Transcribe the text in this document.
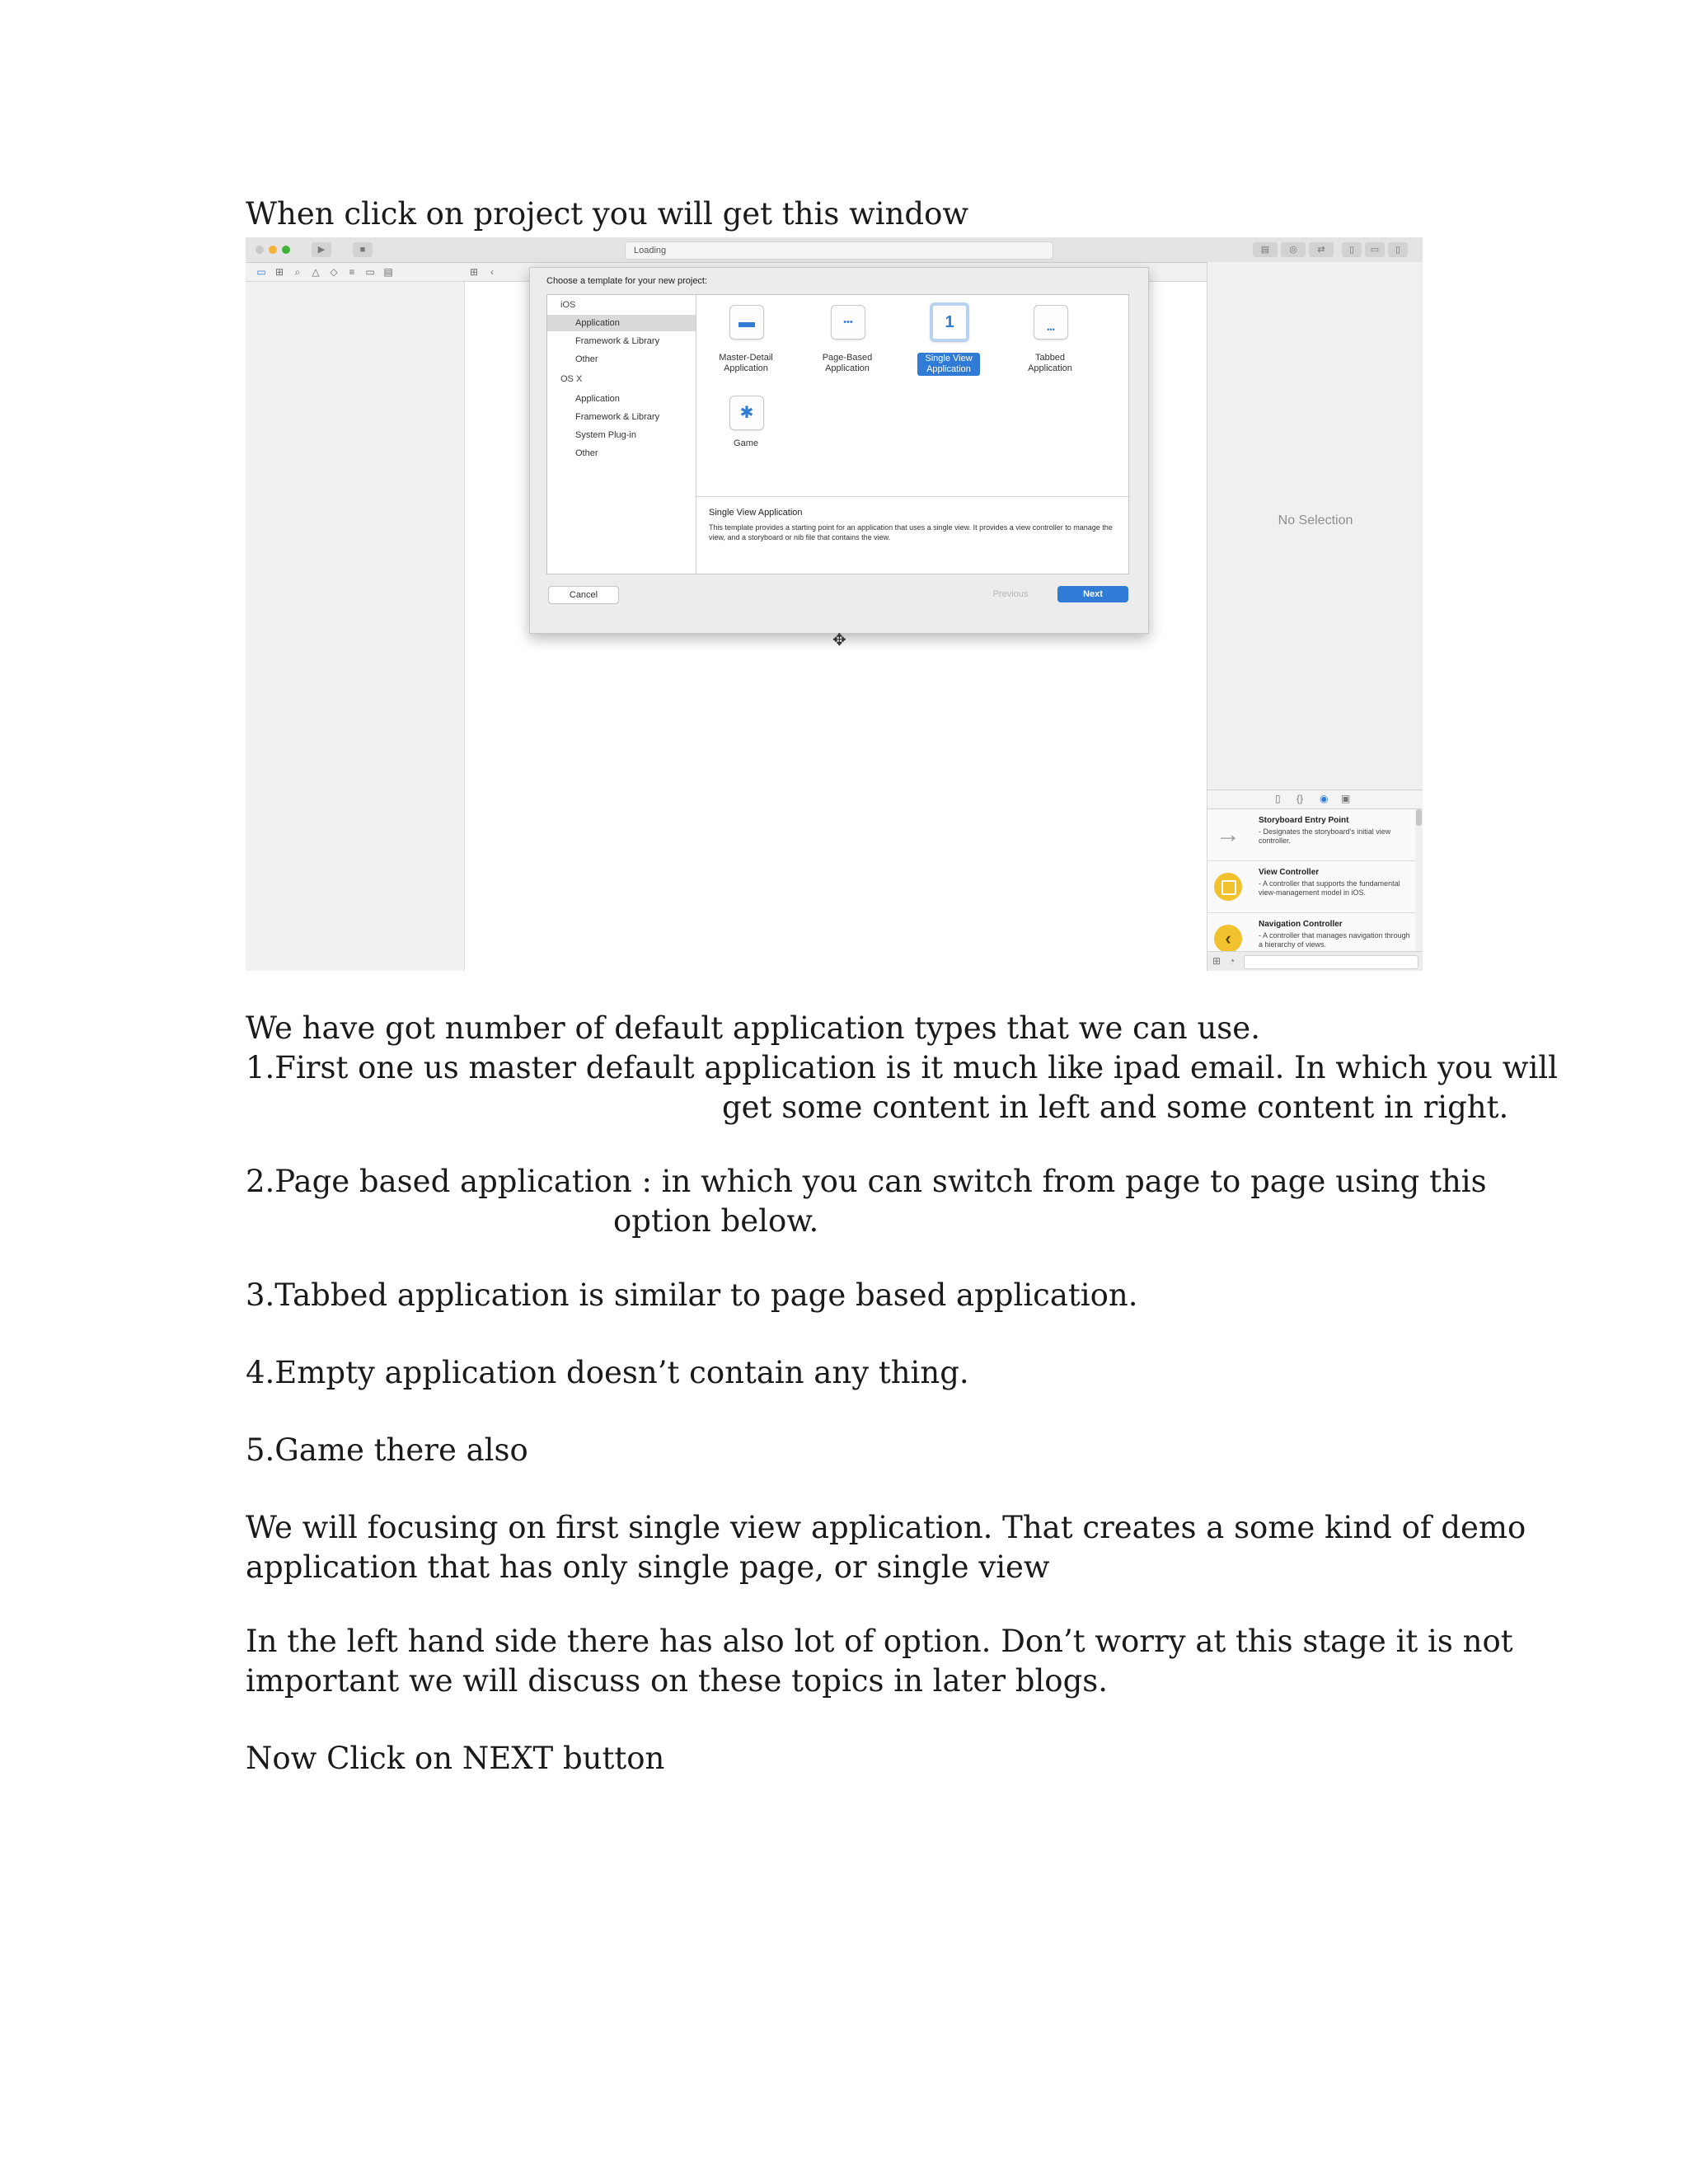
When click on project you will get this window
▶	■	Loading	▤	◎	⇄	▯	▭	▯
▭ ⊞	⌕	△ ◇ ≡ ▭ ▤	⊞	‹
No Selection
▯ {} ◉ ▣
→
Storyboard Entry Point
- Designates the storyboard's initial view controller.
View Controller
- A controller that supports the fundamental view-management model in iOS.
‹
Navigation Controller
- A controller that manages navigation through a hierarchy of views.
⊞ ◔
Choose a template for your new project:
iOS
Application
Framework & Library
Other
OS X
Application
Framework & Library
System Plug-in
Other
▬
Master-Detail
Application
•••
Page-Based
Application
1
Single View
Application
•••
Tabbed
Application
✱
Game
Single View Application
This template provides a starting point for an application that uses a single view. It provides a view controller to manage the view, and a storyboard or nib file that contains the view.
Cancel	Previous	Next
✥
We have got number of default application types that we can use.
1.First one us master default application is it much like ipad email. In which you will
get some content in left and some content in right.
2.Page based application : in which you can switch from page to page using this
option below.
3.Tabbed application is similar to page based application.
4.Empty application doesn’t contain any thing.
5.Game there also
We will focusing on first single view application. That creates a some kind of demo
application that has only single page, or single view
In the left hand side there has also lot of option. Don’t worry at this stage it is not
important we will discuss on these topics in later blogs.
Now Click on NEXT button
